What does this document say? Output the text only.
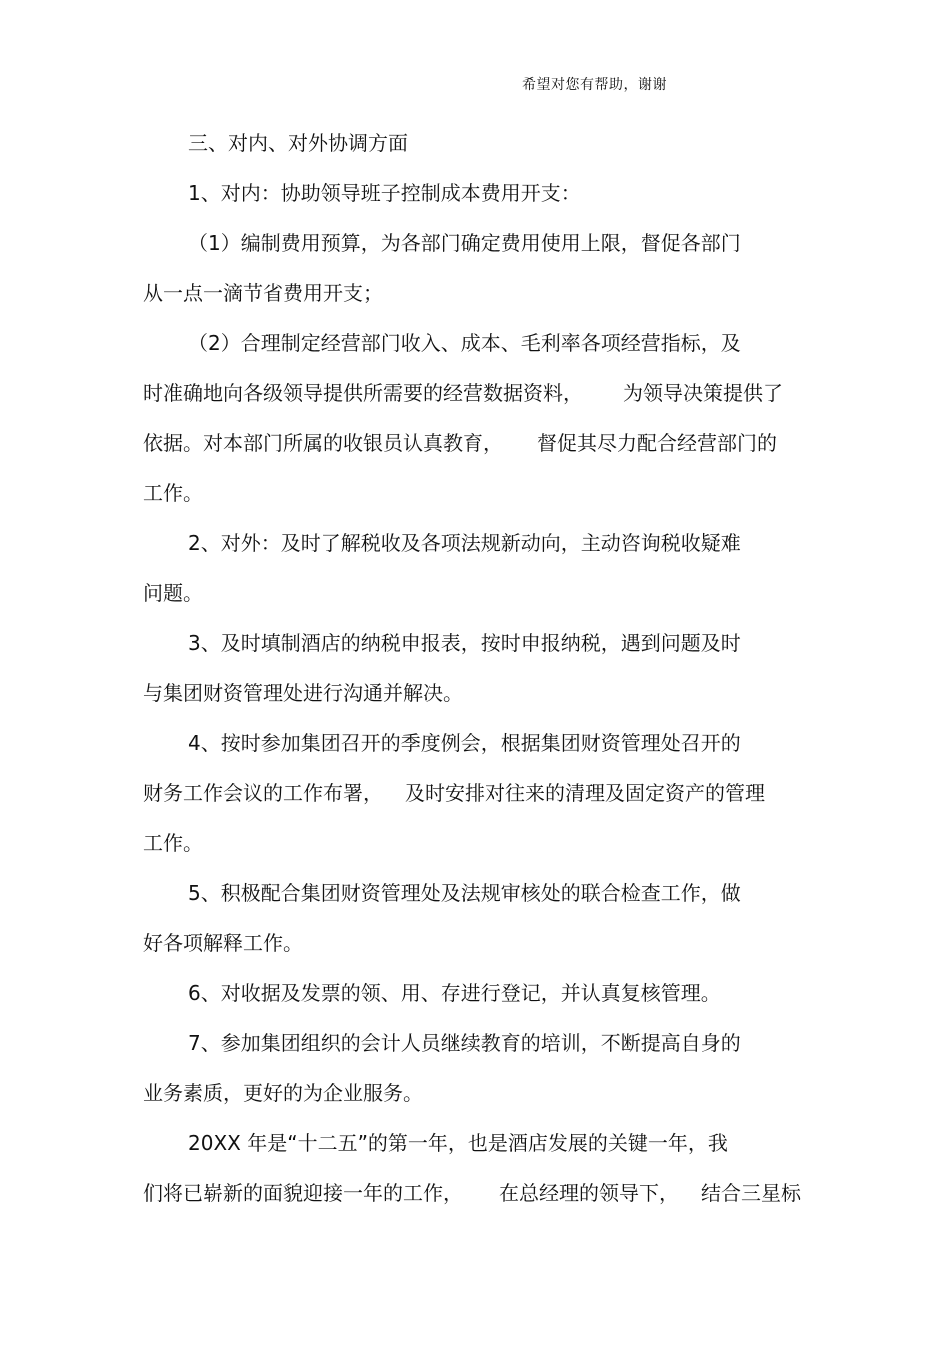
希望对您有帮助，谢谢
三、对内、对外协调方面
1、对内：协助领导班子控制成本费用开支：
（1）编制费用预算，为各部门确定费用使用上限，督促各部门
从一点一滴节省费用开支；
（2）合理制定经营部门收入、成本、毛利率各项经营指标，及
时准确地向各级领导提供所需要的经营数据资料， 为领导决策提供了
依据。对本部门所属的收银员认真教育， 督促其尽力配合经营部门的
工作。
2、对外：及时了解税收及各项法规新动向，主动咨询税收疑难
问题。
3、及时填制酒店的纳税申报表，按时申报纳税，遇到问题及时
与集团财资管理处进行沟通并解决。
4、按时参加集团召开的季度例会，根据集团财资管理处召开的
财务工作会议的工作布署， 及时安排对往来的清理及固定资产的管理
工作。
5、积极配合集团财资管理处及法规审核处的联合检查工作，做
好各项解释工作。
6、对收据及发票的领、用、存进行登记，并认真复核管理。
7、参加集团组织的会计人员继续教育的培训，不断提高自身的
业务素质，更好的为企业服务。
20XX 年是“十二五”的第一年，也是酒店发展的关键一年，我
们将已崭新的面貌迎接一年的工作， 在总经理的领导下， 结合三星标
